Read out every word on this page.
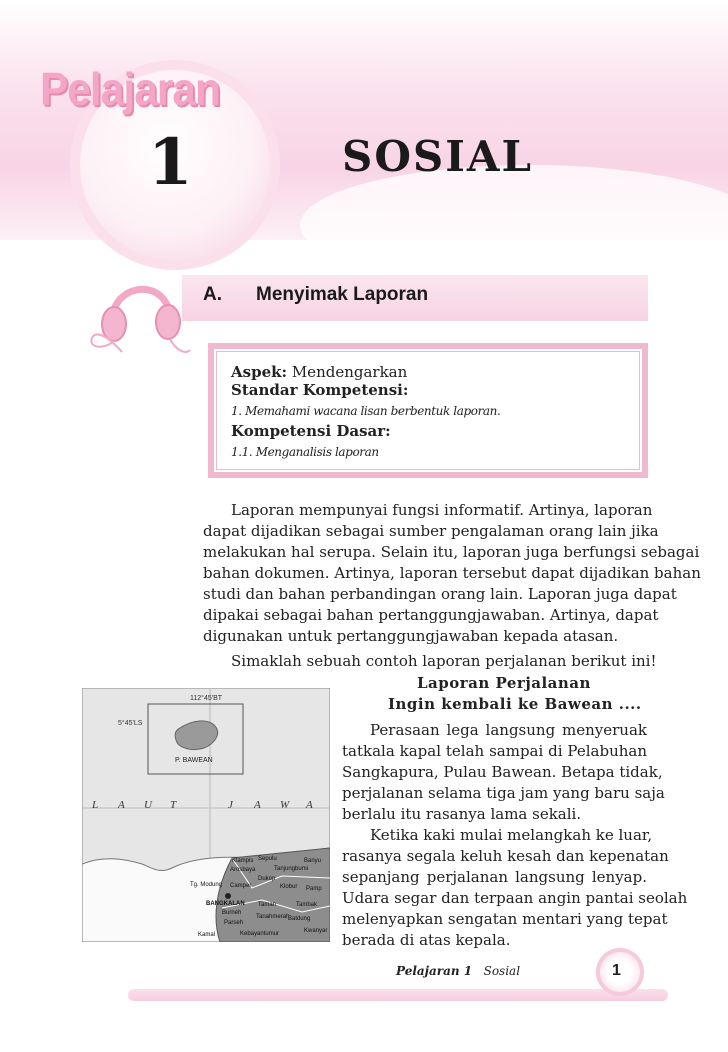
Pelajaran
1	SOSIAL
A. Menyimak Laporan
Aspek: Mendengarkan
Standar Kompetensi:
1. Memahami wacana lisan berbentuk laporan.
Kompetensi Dasar:
1.1. Menganalisis laporan
Laporan mempunyai fungsi informatif. Artinya, laporan
dapat dijadikan sebagai sumber pengalaman orang lain jika
melakukan hal serupa. Selain itu, laporan juga berfungsi sebagai
bahan dokumen. Artinya, laporan tersebut dapat dijadikan bahan
studi dan bahan perbandingan orang lain. Laporan juga dapat
dipakai sebagai bahan pertanggungjawaban. Artinya, dapat
digunakan untuk pertanggungjawaban kepada atasan.
Simaklah sebuah contoh laporan perjalanan berikut ini!
Laporan Perjalanan
Ingin kembali ke Bawean ....
Perasaan lega langsung menyeruak
tatkala kapal telah sampai di Pelabuhan
Sangkapura, Pulau Bawean. Betapa tidak,
perjalanan selama tiga jam yang baru saja
berlalu itu rasanya lama sekali.
Ketika kaki mulai melangkah ke luar,
rasanya segala keluh kesah dan kepenatan
sepanjang perjalanan langsung lenyap.
Udara segar dan terpaan angin pantai seolah
melenyapkan sengatan mentari yang tepat
berada di atas kepala.
112°45'BT
5°45'LS
P. BAWEAN
L A U T	J A W A
Klampis Sepulu	Banyu
Arosbaya	Tanjungbumi
Dukop
Tg. Modung Camper	Klobur Pamp
BANGKALAN
Burneh
Taman	Tambak
Tanahmerah
Batdung
Parseh
Kamal	Kebayantumur	Kwanyar
Pelajaran 1 Sosial	1
